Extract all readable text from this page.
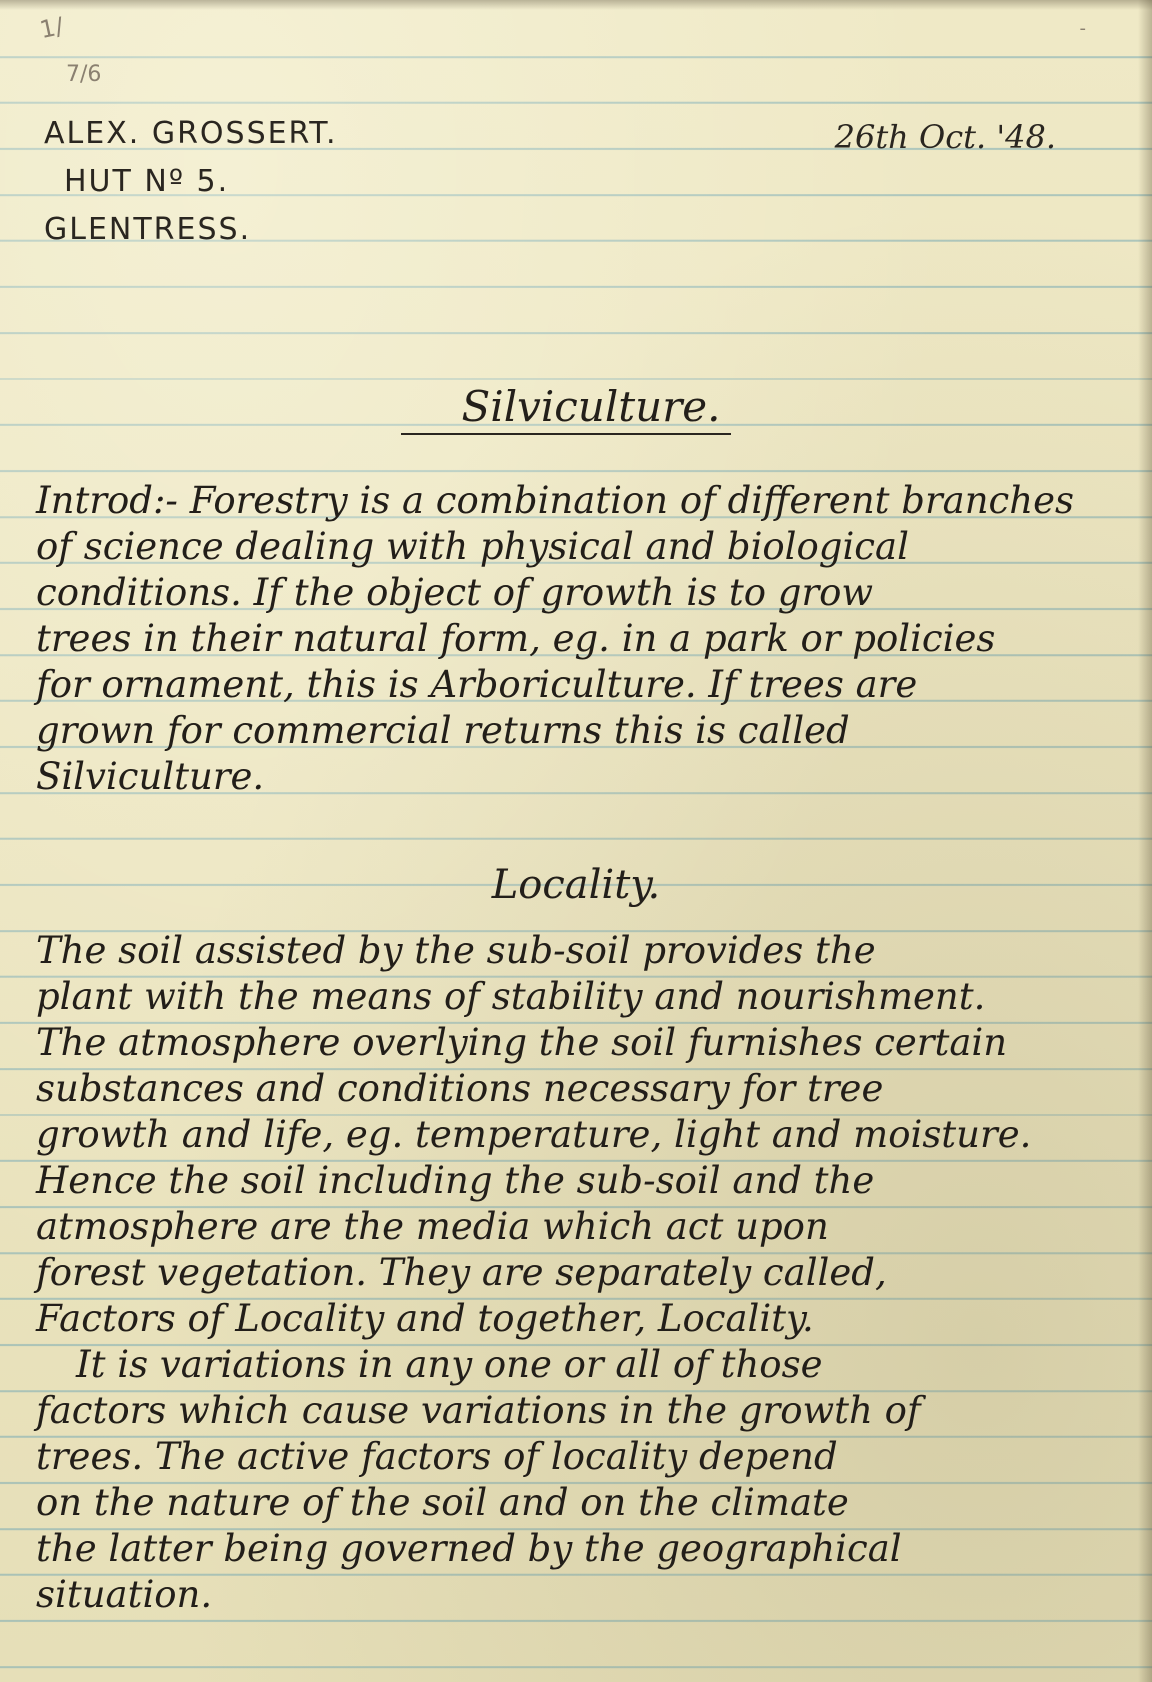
1/
7/6
-
ALEX. GROSSERT.
HUT Nº 5.
GLENTRESS.
26th Oct. '48.
Silviculture.
Introd:- Forestry is a combination of different branches
of science dealing with physical and biological
conditions. If the object of growth is to grow
trees in their natural form, eg. in a park or policies
for ornament, this is Arboriculture. If trees are
grown for commercial returns this is called
Silviculture.
Locality.
The soil assisted by the sub-soil provides the
plant with the means of stability and nourishment.
The atmosphere overlying the soil furnishes certain
substances and conditions necessary for tree
growth and life, eg. temperature, light and moisture.
Hence the soil including the sub-soil and the
atmosphere are the media which act upon
forest vegetation. They are separately called,
Factors of Locality and together, Locality.
It is variations in any one or all of those
factors which cause variations in the growth of
trees. The active factors of locality depend
on the nature of the soil and on the climate
the latter being governed by the geographical
situation.
